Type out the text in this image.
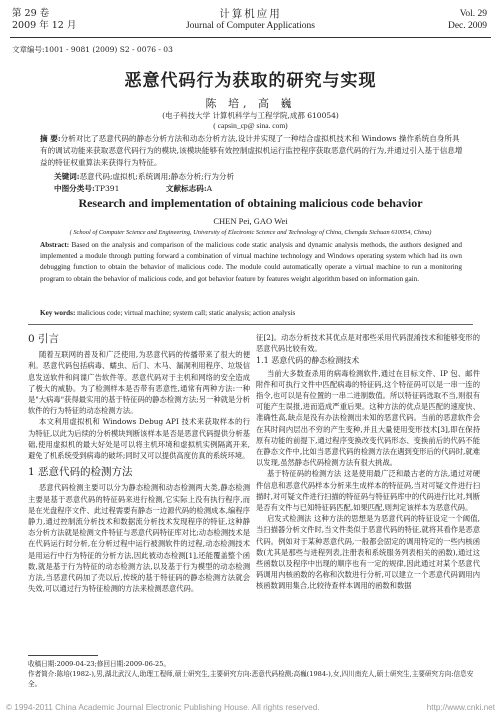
第 29 卷
2009 年 12 月
计算机应用
Journal of Computer Applications
Vol. 29
Dec. 2009
文章编号:1001 - 9081 (2009) S2 - 0076 - 03
恶意代码行为获取的研究与实现
陈 培, 高 巍
(电子科技大学 计算机科学与工程学院,成都 610054)
( capsin_cp@ sina. com)
摘 要:分析对比了恶意代码的静态分析方法和动态分析方法,设计并实现了一种结合虚拟机技术和 Windows 操作系统自身所具有的调试功能来获取恶意代码行为的模块,该模块能够有效控制虚拟机运行监控程序获取恶意代码的行为,并通过引入基于信息增益的特征权重算法来获得行为特征。
关键词:恶意代码;虚拟机;系统调用;静态分析;行为分析
中图分类号:TP391	文献标志码:A
Research and implementation of obtaining malicious code behavior
CHEN Pei, GAO Wei
( School of Computer Science and Engineering, University of Electronic Science and Technology of China, Chengdu Sichuan 610054, China)
Abstract: Based on the analysis and comparison of the malicious code static analysis and dynamic analysis methods, the authors designed and implemented a module through putting forward a combination of virtual machine technology and Windows operating system which had its own debugging function to obtain the behavior of malicious code. The module could automatically operate a virtual machine to run a monitoring program to obtain the behavior of malicious code, and got behavior feature by features weight algorithm based on information gain.
Key words: malicious code; virtual machine; system call; static analysis; action analysis
0 引言

随着互联网的普及和广泛使用,为恶意代码的传播带来了很大的便利。恶意代码包括病毒、蠕虫、后门、木马、漏洞利用程序、垃圾信息发送软件和间谍广告软件等。恶意代码对于主机和网络的安全造成了极大的威胁。为了检测样本是否带有恶意性,通常有两种方法:一种是"大病毒"获得最实用的基于特征码的静态检测方法;另一种就是分析软件的行为特征的动态检测方法。

本文利用虚拟机和 Windows Debug API 技术来获取样本的行为特征,以此为后续的分析模块判断该样本是否是恶意代码提供分析基础,使用虚拟机的最大好处是可以将主机环境和虚拟机实例隔离开来,避免了机系统受到病毒的破坏;同时又可以提供高度仿真的系统环境。

1 恶意代码的检测方法

恶意代码检测主要可以分为静态检测和动态检测两大类,静态检测主要是基于恶意代码的特征码来进行检测,它实际上没有执行程序,而是在光盘程序文件、此过程需要有静态一边源代码的检测成本,编程序静力,通过控制流分析技术和数据流分析技术发现程序的特征,这种静态分析方法就是检测文件特征与恶意代码特征库对比;动态检测技术是在代码运行时分析,在分析过程中运行被测软件的过程,动态检测技术是用运行中行为特征的分析方法,因此被动态检测[1],还能覆盖整个函数,就是基于行为特征的动态检测方法,以及基于行为模型的动态检测方法,当恶意代码加了壳以后,传统的基于特征码的静态检测方法就会失效,可以通过行为特征检测的方法来检测恶意代码。

征[2]。动态分析技术其优点是对那些采用代码混淆技术和能够变形的恶意代码比较有效。

1.1 恶意代码的静态检测技术

当前大多数查杀用的病毒检测软件,通过在目标文件、IP 包、邮件附件和可执行文件中匹配病毒的特征码,这个特征码可以是一串一连的指令,也可以是有位置的一串二进制数值。所以特征码选取不当,则很有可能产生误报,进而造成严重后果。这种方法的优点是匹配的速度快、准确性高,缺点是没有办法检测出未知的恶意代码。当前的恶意软件会在其时间内层出不穷的产生变种,并且大量使用变形技术[3],即在保持原有功能的前提下,通过程序变换改变代码形态、变换前后的代码不能在静态文件中,比如当恶意代码的检测方法在遇到变形后的代码时,就难以发现,虽然静态代码检测方法有很大挑战。

基于特征码的检测方法 这是使用最广泛和最古老的方法,通过对硬件信息和恶意代码样本分析来生成样本的特征码,当对可疑文件进行扫描时,对可疑文件进行扫描的特征码与特征码库中的代码进行比对,判断是否有文件与已知特征码匹配,如果匹配,则判定该样本为恶意代码。

启发式检测法 这种方法的思想是为恶意代码的特征设定一个阈值,当扫描器分析文件时,当文件类似于恶意代码的特征,就将其看作是恶意代码。例如对于某种恶意代码,一般都会固定的调用特定的一些内核函数(尤其是那些与进程列表,注册表和系统服务列表相关的函数),通过这些函数以及程序中出现的顺序也有一定的规律,因此通过对某个恶意代码调用内核函数的名称和次数进行分析,可以建立一个恶意代码调用内核函数调用集合,比较待查样本调用的函数和数据

收稿日期:2009-04-23;修回日期:2009-06-25。
作者简介:陈培(1982-),男,湖北武汉人,助理工程师,硕士研究生,主要研究方向:恶意代码检测;高巍(1984-),女,四川南充人,硕士研究生,主要研究方向:信息安全。
© 1994-2011 China Academic Journal Electronic Publishing House. All rights reserved.	http://www.cnki.net
